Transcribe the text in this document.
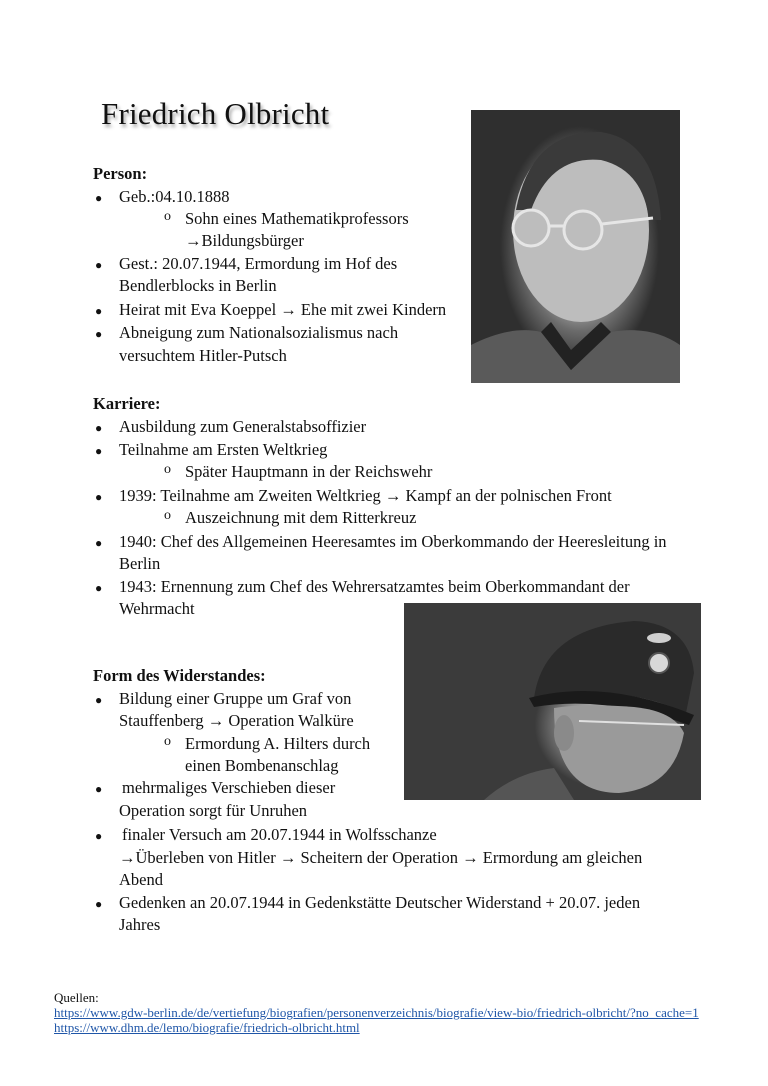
Friedrich Olbricht
Person:
● Geb.:04.10.1888
o Sohn eines Mathematikprofessors
→Bildungsbürger
● Gest.: 20.07.1944, Ermordung im Hof des
Bendlerblocks in Berlin
● Heirat mit Eva Koeppel → Ehe mit zwei Kindern
● Abneigung zum Nationalsozialismus nach
versuchtem Hitler-Putsch
Karriere:
● Ausbildung zum Generalstabsoffizier
● Teilnahme am Ersten Weltkrieg
o Später Hauptmann in der Reichswehr
● 1939: Teilnahme am Zweiten Weltkrieg → Kampf an der polnischen Front
o Auszeichnung mit dem Ritterkreuz
● 1940: Chef des Allgemeinen Heeresamtes im Oberkommando der Heeresleitung in
Berlin
● 1943: Ernennung zum Chef des Wehrersatzamtes beim Oberkommandant der
Wehrmacht
Form des Widerstandes:
● Bildung einer Gruppe um Graf von
Stauffenberg → Operation Walküre
o Ermordung A. Hilters durch
einen Bombenanschlag
● mehrmaliges Verschieben dieser
Operation sorgt für Unruhen
● finaler Versuch am 20.07.1944 in Wolfsschanze
→Überleben von Hitler → Scheitern der Operation → Ermordung am gleichen
Abend
● Gedenken an 20.07.1944 in Gedenkstätte Deutscher Widerstand + 20.07. jeden
Jahres
Quellen:
https://www.gdw-berlin.de/de/vertiefung/biografien/personenverzeichnis/biografie/view-bio/friedrich-olbricht/?no_cache=1
https://www.dhm.de/lemo/biografie/friedrich-olbricht.html
